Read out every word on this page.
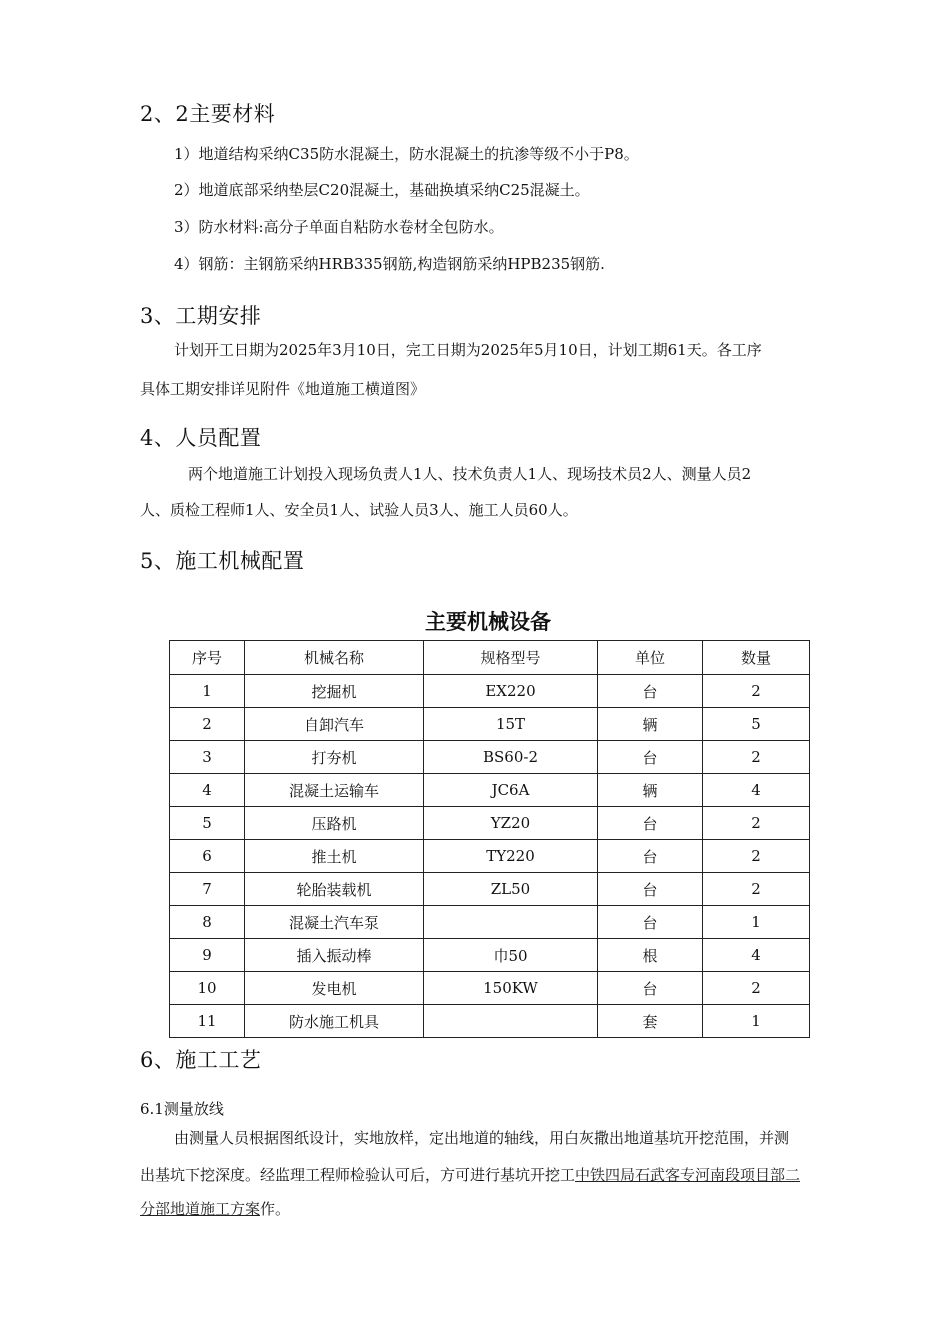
2、2主要材料

1）地道结构采纳C35防水混凝土，防水混凝土的抗渗等级不小于P8。

2）地道底部采纳垫层C20混凝土，基础换填采纳C25混凝土。

3）防水材料:高分子单面自粘防水卷材全包防水。

4）钢筋：主钢筋采纳HRB335钢筋,构造钢筋采纳HPB235钢筋.

3、工期安排

计划开工日期为2025年3月10日，完工日期为2025年5月10日，计划工期61天。各工序

具体工期安排详见附件《地道施工横道图》

4、人员配置

两个地道施工计划投入现场负责人1人、技术负责人1人、现场技术员2人、测量人员2

人、质检工程师1人、安全员1人、试验人员3人、施工人员60人。

5、施工机械配置
主要机械设备
序号	机械名称	规格型号	单位	数量
1	挖掘机	EX220	台	2
2	自卸汽车	15T	辆	5
3	打夯机	BS60-2	台	2
4	混凝土运输车	JC6A	辆	4
5	压路机	YZ20	台	2
6	推土机	TY220	台	2
7	轮胎装载机	ZL50	台	2
8	混凝土汽车泵		台	1
9	插入振动棒	巾50	根	4
10	发电机	150KW	台	2
11	防水施工机具		套	1
6、施工工艺

6.1测量放线

由测量人员根据图纸设计，实地放样，定出地道的轴线，用白灰撒出地道基坑开挖范围，并测

出基坑下挖深度。经监理工程师检验认可后，方可进行基坑开挖工中铁四局石武客专河南段项目部二

分部地道施工方案作。
